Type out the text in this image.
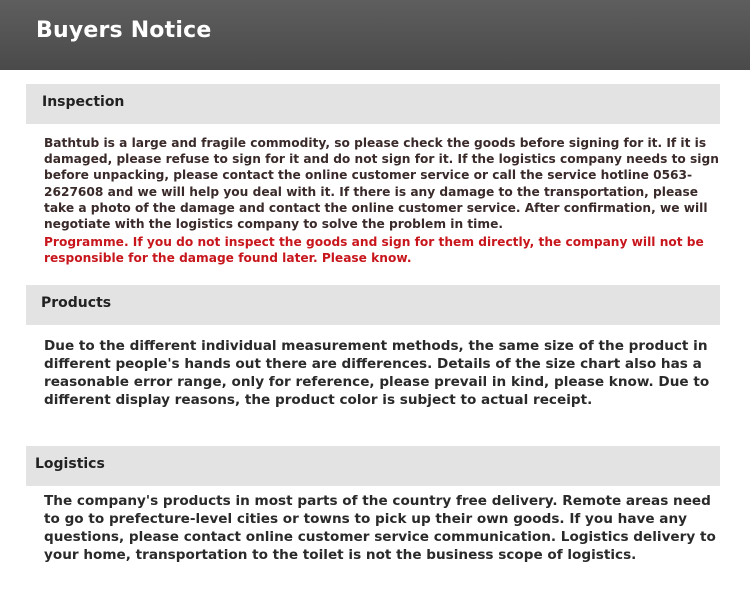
Buyers Notice
Inspection
Bathtub is a large and fragile commodity, so please check the goods before signing for it. If it is damaged, please refuse to sign for it and do not sign for it. If the logistics company needs to sign before unpacking, please contact the online customer service or call the service hotline 0563-2627608 and we will help you deal with it. If there is any damage to the transportation, please take a photo of the damage and contact the online customer service. After confirmation, we will negotiate with the logistics company to solve the problem in time.
Programme. If you do not inspect the goods and sign for them directly, the company will not be responsible for the damage found later. Please know.
Products
Due to the different individual measurement methods, the same size of the product in different people's hands out there are differences. Details of the size chart also has a reasonable error range, only for reference, please prevail in kind, please know. Due to different display reasons, the product color is subject to actual receipt.
Logistics
The company's products in most parts of the country free delivery. Remote areas need to go to prefecture-level cities or towns to pick up their own goods. If you have any questions, please contact online customer service communication. Logistics delivery to your home, transportation to the toilet is not the business scope of logistics.
